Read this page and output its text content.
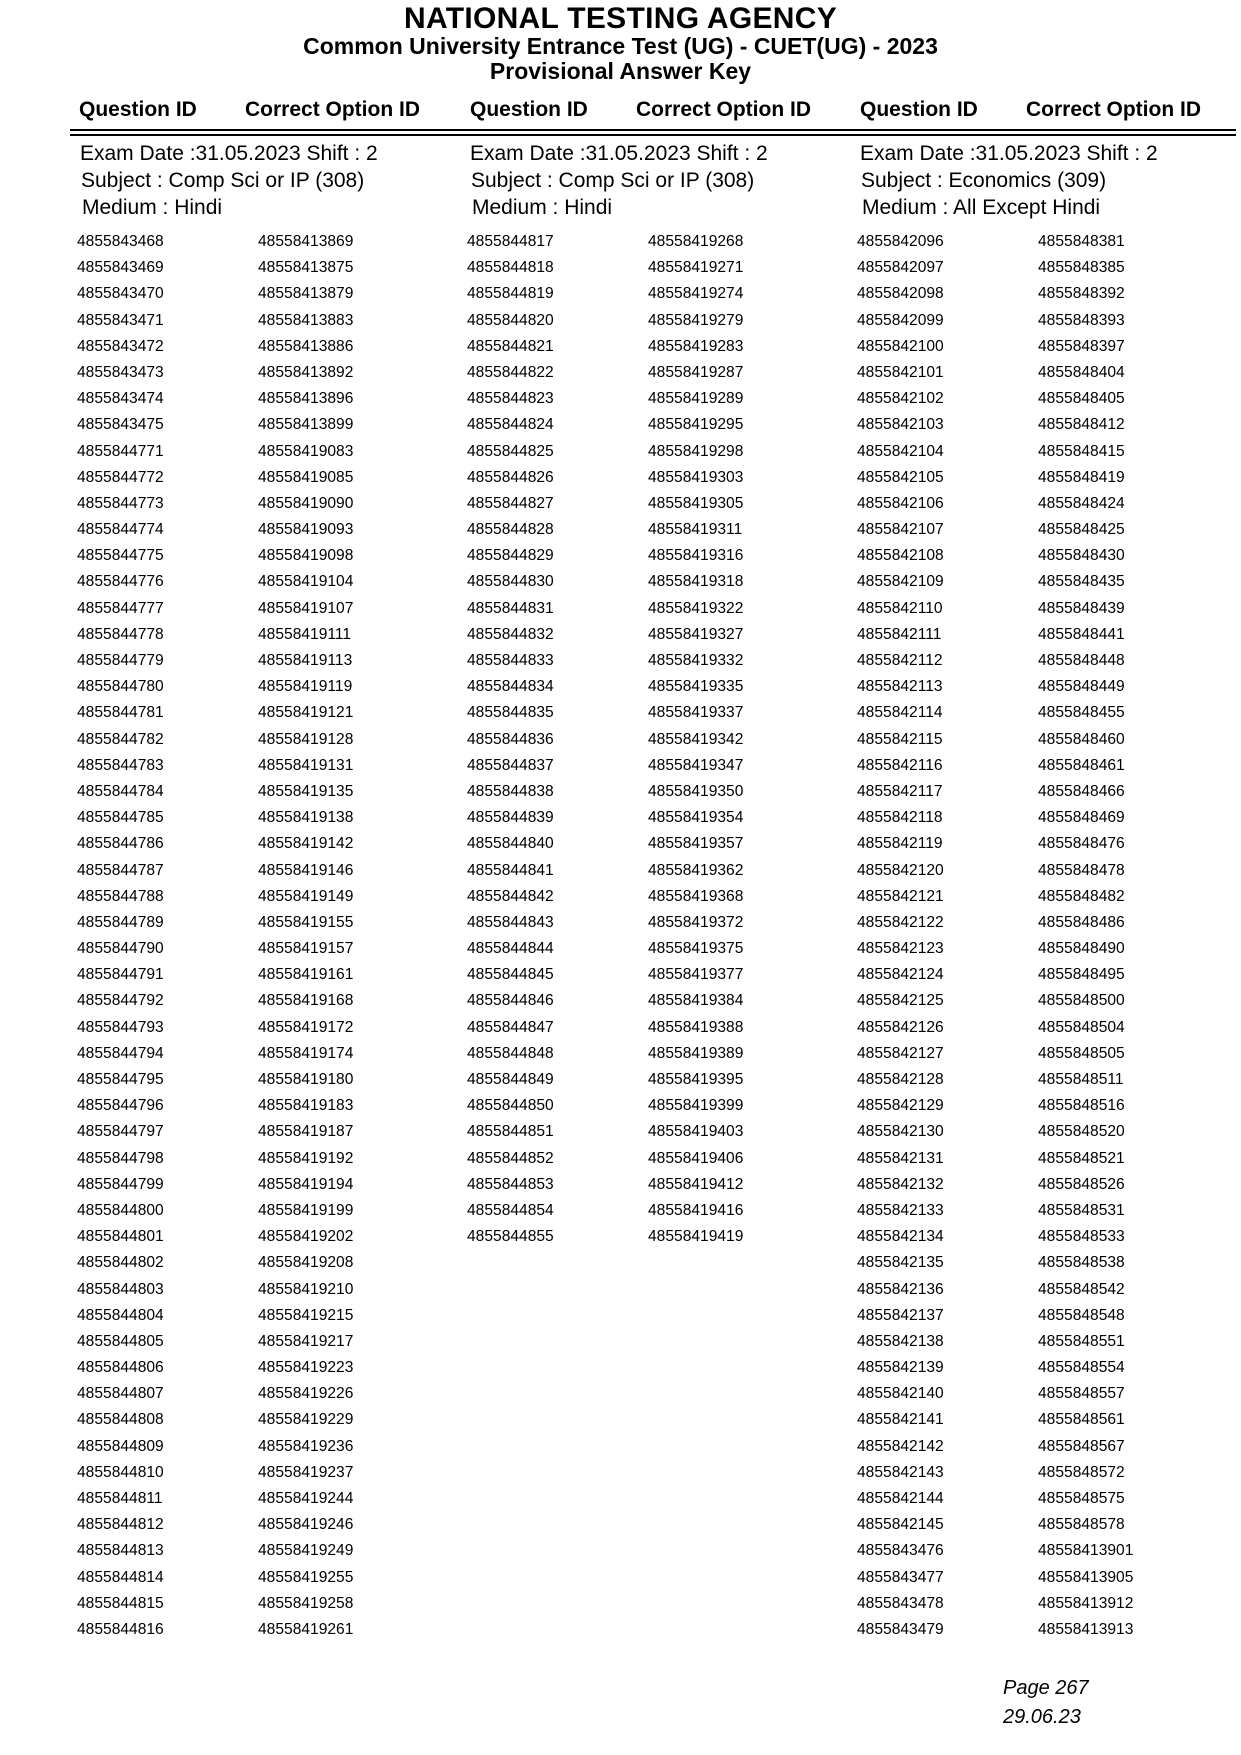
NATIONAL TESTING AGENCY
Common University Entrance Test (UG) - CUET(UG) - 2023
Provisional Answer Key
Question ID Correct Option ID Question ID Correct Option ID Question ID Correct Option ID
Exam Date :31.05.2023 Shift : 2
Subject : Comp Sci or IP (308)
Medium : Hindi
4855843468	48558413869
4855843469	48558413875
4855843470	48558413879
4855843471	48558413883
4855843472	48558413886
4855843473	48558413892
4855843474	48558413896
4855843475	48558413899
4855844771	48558419083
4855844772	48558419085
4855844773	48558419090
4855844774	48558419093
4855844775	48558419098
4855844776	48558419104
4855844777	48558419107
4855844778	48558419111
4855844779	48558419113
4855844780	48558419119
4855844781	48558419121
4855844782	48558419128
4855844783	48558419131
4855844784	48558419135
4855844785	48558419138
4855844786	48558419142
4855844787	48558419146
4855844788	48558419149
4855844789	48558419155
4855844790	48558419157
4855844791	48558419161
4855844792	48558419168
4855844793	48558419172
4855844794	48558419174
4855844795	48558419180
4855844796	48558419183
4855844797	48558419187
4855844798	48558419192
4855844799	48558419194
4855844800	48558419199
4855844801	48558419202
4855844802	48558419208
4855844803	48558419210
4855844804	48558419215
4855844805	48558419217
4855844806	48558419223
4855844807	48558419226
4855844808	48558419229
4855844809	48558419236
4855844810	48558419237
4855844811	48558419244
4855844812	48558419246
4855844813	48558419249
4855844814	48558419255
4855844815	48558419258
4855844816	48558419261
Exam Date :31.05.2023 Shift : 2
Subject : Comp Sci or IP (308)
Medium : Hindi
4855844817	48558419268
4855844818	48558419271
4855844819	48558419274
4855844820	48558419279
4855844821	48558419283
4855844822	48558419287
4855844823	48558419289
4855844824	48558419295
4855844825	48558419298
4855844826	48558419303
4855844827	48558419305
4855844828	48558419311
4855844829	48558419316
4855844830	48558419318
4855844831	48558419322
4855844832	48558419327
4855844833	48558419332
4855844834	48558419335
4855844835	48558419337
4855844836	48558419342
4855844837	48558419347
4855844838	48558419350
4855844839	48558419354
4855844840	48558419357
4855844841	48558419362
4855844842	48558419368
4855844843	48558419372
4855844844	48558419375
4855844845	48558419377
4855844846	48558419384
4855844847	48558419388
4855844848	48558419389
4855844849	48558419395
4855844850	48558419399
4855844851	48558419403
4855844852	48558419406
4855844853	48558419412
4855844854	48558419416
4855844855	48558419419
Exam Date :31.05.2023 Shift : 2
Subject : Economics (309)
Medium : All Except Hindi
4855842096	4855848381
4855842097	4855848385
4855842098	4855848392
4855842099	4855848393
4855842100	4855848397
4855842101	4855848404
4855842102	4855848405
4855842103	4855848412
4855842104	4855848415
4855842105	4855848419
4855842106	4855848424
4855842107	4855848425
4855842108	4855848430
4855842109	4855848435
4855842110	4855848439
4855842111	4855848441
4855842112	4855848448
4855842113	4855848449
4855842114	4855848455
4855842115	4855848460
4855842116	4855848461
4855842117	4855848466
4855842118	4855848469
4855842119	4855848476
4855842120	4855848478
4855842121	4855848482
4855842122	4855848486
4855842123	4855848490
4855842124	4855848495
4855842125	4855848500
4855842126	4855848504
4855842127	4855848505
4855842128	4855848511
4855842129	4855848516
4855842130	4855848520
4855842131	4855848521
4855842132	4855848526
4855842133	4855848531
4855842134	4855848533
4855842135	4855848538
4855842136	4855848542
4855842137	4855848548
4855842138	4855848551
4855842139	4855848554
4855842140	4855848557
4855842141	4855848561
4855842142	4855848567
4855842143	4855848572
4855842144	4855848575
4855842145	4855848578
4855843476	48558413901
4855843477	48558413905
4855843478	48558413912
4855843479	48558413913
Page 267
29.06.23
